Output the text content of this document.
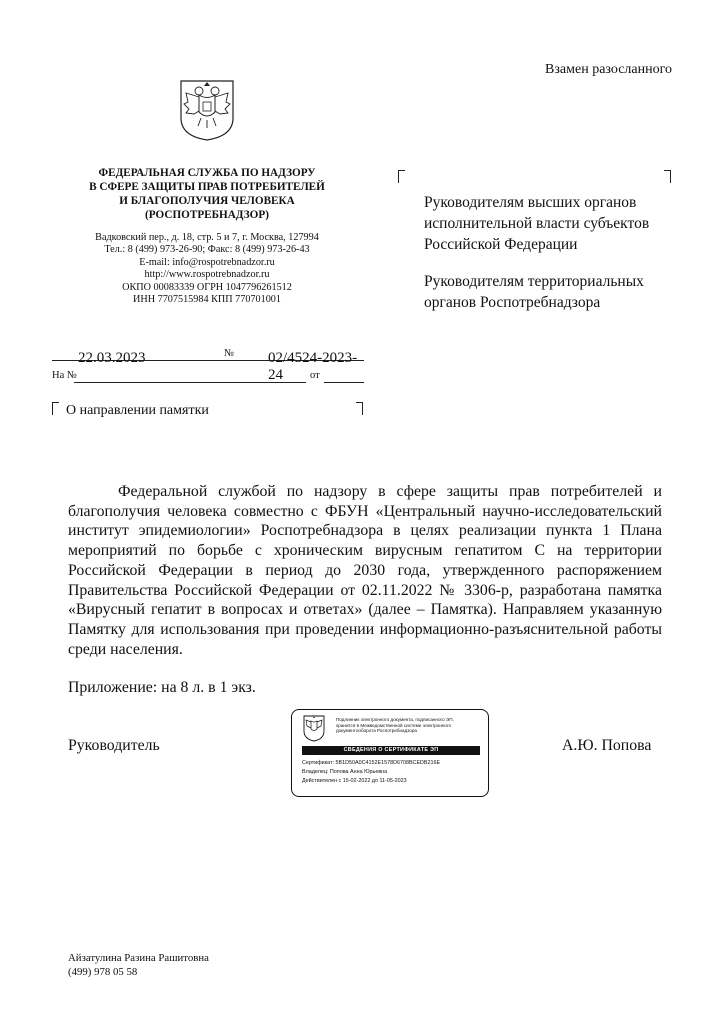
Взамен разосланного
ФЕДЕРАЛЬНАЯ СЛУЖБА ПО НАДЗОРУ
В СФЕРЕ ЗАЩИТЫ ПРАВ ПОТРЕБИТЕЛЕЙ
И БЛАГОПОЛУЧИЯ ЧЕЛОВЕКА
(РОСПОТРЕБНАДЗОР)
Вадковский пер., д. 18, стр. 5 и 7, г. Москва, 127994
Тел.: 8 (499) 973-26-90; Факс: 8 (499) 973-26-43
E-mail: info@rospotrebnadzor.ru
http://www.rospotrebnadzor.ru
ОКПО 00083339 ОГРН 1047796261512
ИНН 7707515984 КПП 770701001
22.03.2023	№ 02/4524-2023-24
На №	от
О направлении памятки

Руководителям высших органов исполнительной власти субъектов Российской Федерации

Руководителям территориальных органов Роспотребнадзора

Федеральной службой по надзору в сфере защиты прав потребителей и благополучия человека совместно с ФБУН «Центральный научно-исследовательский институт эпидемиологии» Роспотребнадзора в целях реализации пункта 1 Плана мероприятий по борьбе с хроническим вирусным гепатитом С на территории Российской Федерации в период до 2030 года, утвержденного распоряжением Правительства Российской Федерации от 02.11.2022 № 3306-р, разработана памятка «Вирусный гепатит в вопросах и ответах» (далее – Памятка). Направляем указанную Памятку для использования при проведении информационно-разъяснительной работы среди населения.

Приложение: на 8 л. в 1 экз.
Руководитель	А.Ю. Попова
Подлинник электронного документа, подписанного ЭП,
хранится в Межведомственной системе электронного
документооборота Роспотребнадзора
СВЕДЕНИЯ О СЕРТИФИКАТЕ ЭП
Сертификат: 5B1D50A0C4152E1578D6708BCEDB216E
Владелец: Попова Анна Юрьевна
Действителен с 15-02-2022 до 11-05-2023
Айзатулина Разина Рашитовна
(499) 978 05 58
